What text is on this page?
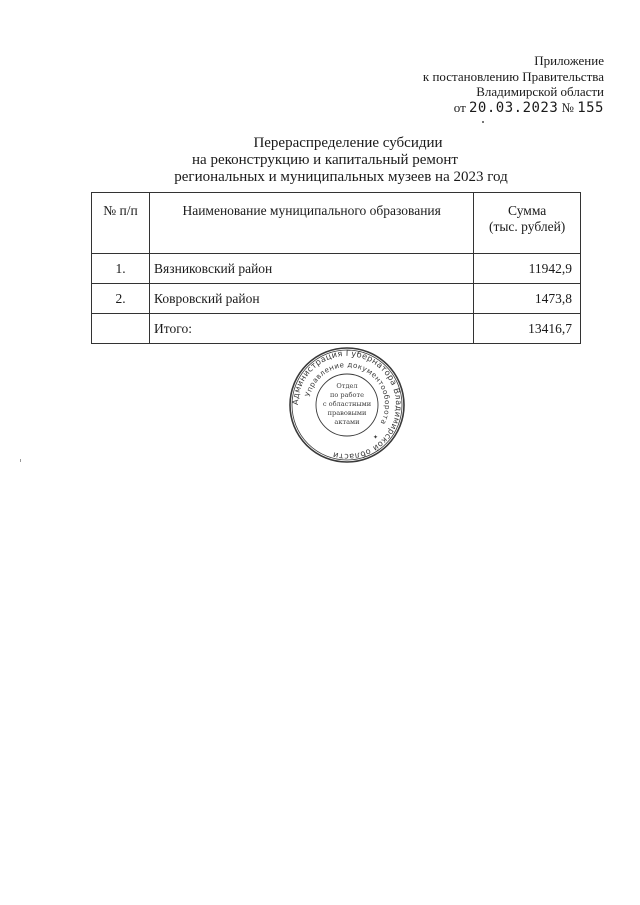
Приложение
к постановлению Правительства
Владимирской области
от 20.03.2023 № 155
Перераспределение субсидии
на реконструкцию и капитальный ремонт
региональных и муниципальных музеев на 2023 год
№ п/п	Наименование муниципального образования	Сумма
(тыс. рублей)
1.	Вязниковский район	11942,9
2.	Ковровский район	1473,8
	Итого:	13416,7
Администрация Губернатора Владимирской области
Управление документооборота
Отдел
по работе
с областными
правовыми
актами
✦
